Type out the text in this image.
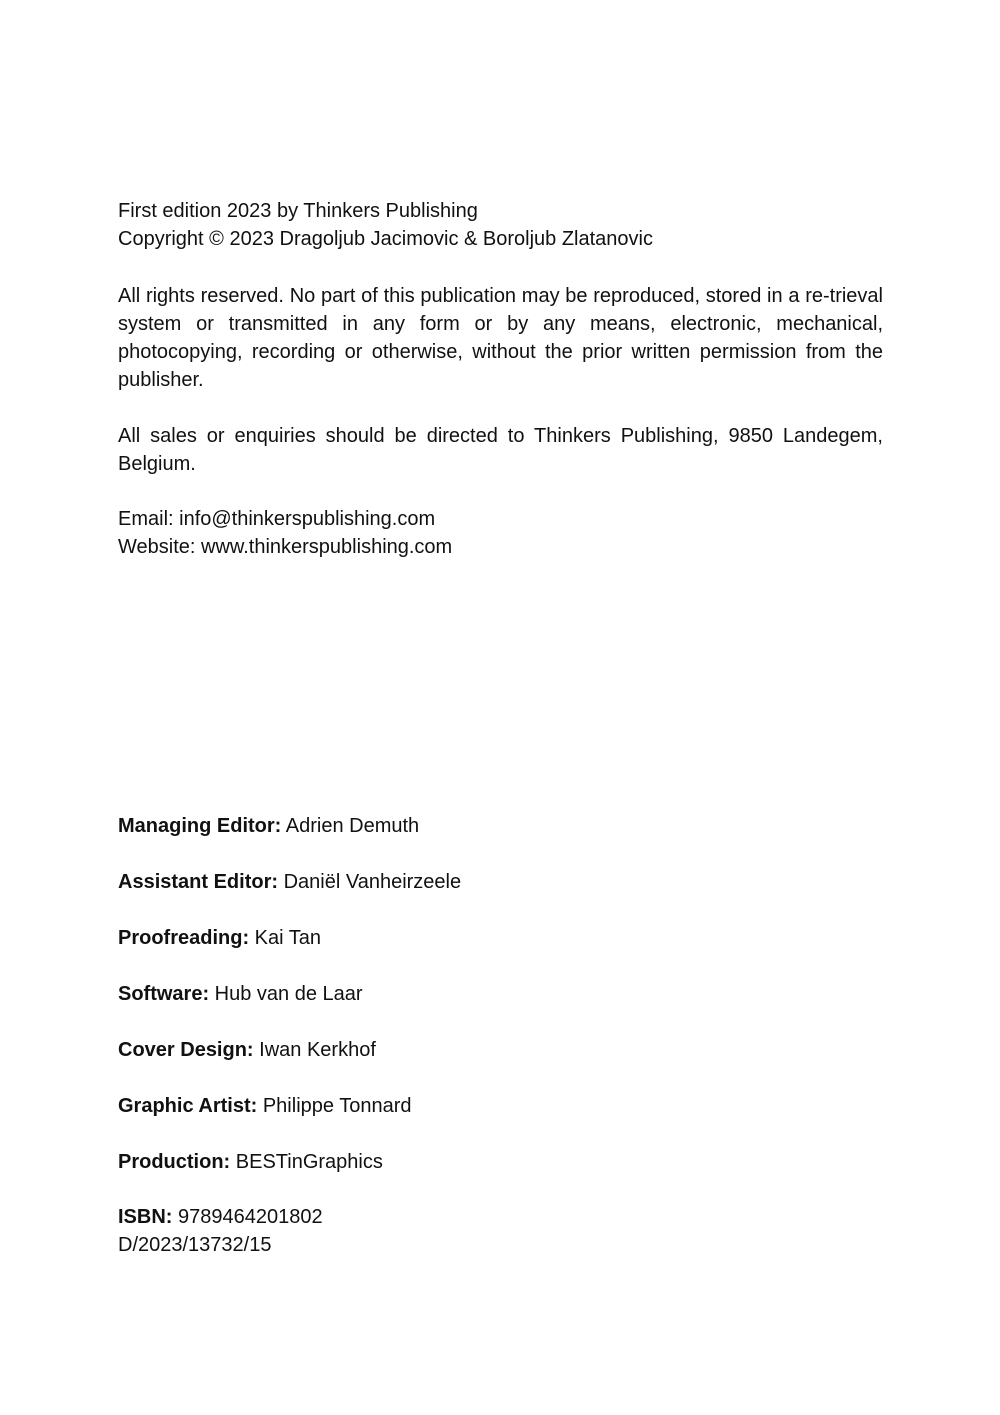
First edition 2023 by Thinkers Publishing

Copyright © 2023 Dragoljub Jacimovic & Boroljub Zlatanovic

All rights reserved. No part of this publication may be reproduced, stored in a re-trieval system or transmitted in any form or by any means, electronic, mechanical, photocopying, recording or otherwise, without the prior written permission from the publisher.

All sales or enquiries should be directed to Thinkers Publishing, 9850 Landegem, Belgium.

Email: info@thinkerspublishing.com

Website: www.thinkerspublishing.com

Managing Editor: Adrien Demuth
Assistant Editor: Daniël Vanheirzeele
Proofreading: Kai Tan
Software: Hub van de Laar
Cover Design: Iwan Kerkhof
Graphic Artist: Philippe Tonnard
Production: BESTinGraphics

ISBN: 9789464201802

D/2023/13732/15
